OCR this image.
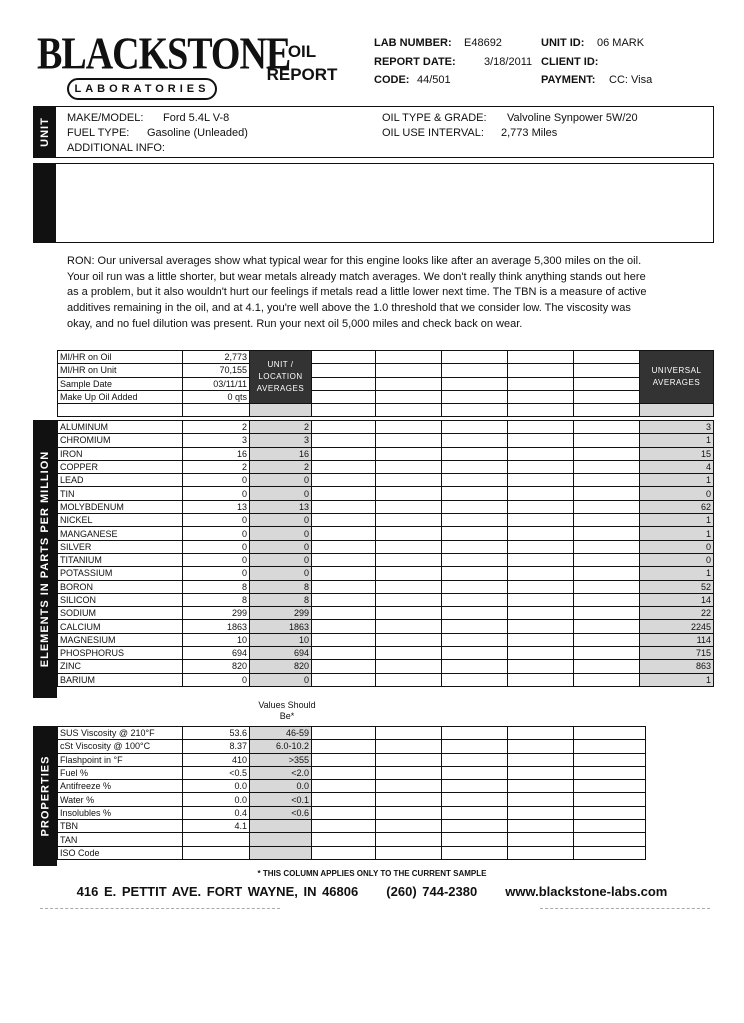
BLACKSTONE
LABORATORIES
OIL
REPORT
LAB NUMBER: E48692
REPORT DATE:	3/18/2011
CODE: 44/501
UNIT ID: 06 MARK
CLIENT ID:
PAYMENT: CC: Visa
UNIT MAKE/MODEL: Ford 5.4L V-8
FUEL TYPE: Gasoline (Unleaded)
ADDITIONAL INFO:
OIL TYPE & GRADE: Valvoline Synpower 5W/20
OIL USE INTERVAL: 2,773 Miles
RON: Our universal averages show what typical wear for this engine looks like after an average 5,300 miles on the oil. Your oil run was a little shorter, but wear metals already match averages. We don't really think anything stands out here as a problem, but it also wouldn't hurt our feelings if metals read a little lower next time. The TBN is a measure of active additives remaining in the oil, and at 4.1, you're well above the 1.0 threshold that we consider low. The viscosity was okay, and no fuel dilution was present. Run your next oil 5,000 miles and check back on wear.
MI/HR on Oil	2,773	UNIT / LOCATION AVERAGES						UNIVERSAL AVERAGES
MI/HR on Unit	70,155							
Sample Date	03/11/11							
Make Up Oil Added	0 qts							

ELEMENTS IN PARTS PER MILLION
ALUMINUM	2	2						3
CHROMIUM	3	3						1
IRON	16	16						15
COPPER	2	2						4
LEAD	0	0						1
TIN	0	0						0
MOLYBDENUM	13	13						62
NICKEL	0	0						1
MANGANESE	0	0						1
SILVER	0	0						0
TITANIUM	0	0						0
POTASSIUM	0	0						1
BORON	8	8						52
SILICON	8	8						14
SODIUM	299	299						22
CALCIUM	1863	1863						2245
MAGNESIUM	10	10						114
PHOSPHORUS	694	694						715
ZINC	820	820						863
BARIUM	0	0						1
Values Should Be*
PROPERTIES
SUS Viscosity @ 210°F	53.6	46-59					
cSt Viscosity @ 100°C	8.37	6.0-10.2					
Flashpoint in °F	410	>355					
Fuel %	<0.5	<2.0					
Antifreeze %	0.0	0.0					
Water %	0.0	<0.1					
Insolubles %	0.4	<0.6					
TBN	4.1						
TAN							
ISO Code							
* THIS COLUMN APPLIES ONLY TO THE CURRENT SAMPLE
416 E. PETTIT AVE. FORT WAYNE, IN 46806 (260) 744-2380 www.blackstone-labs.com
